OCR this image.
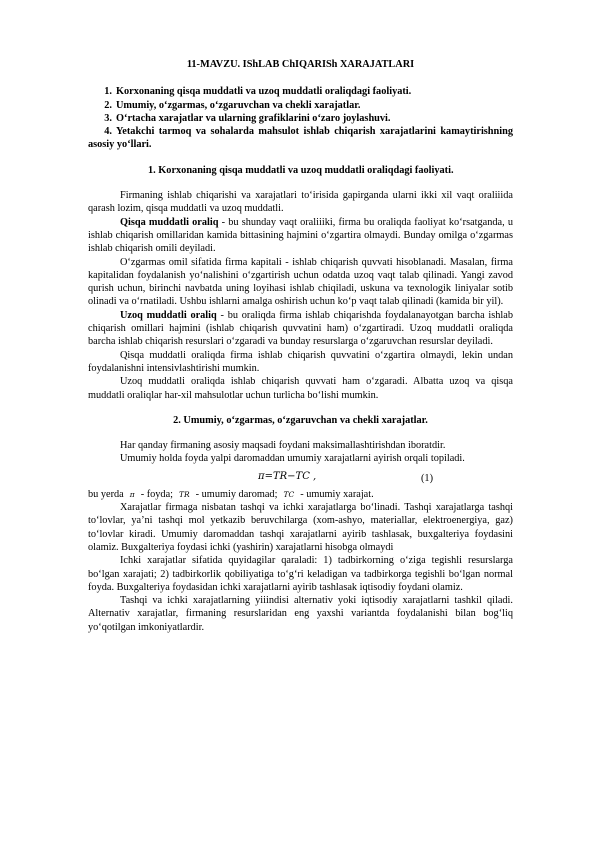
11-MAVZU. IShLAB ChIQARISh XARAJATLARI
1. Korxonaning qisqa muddatli va uzoq muddatli oraliqdagi faoliyati.
2. Umumiy, o‘zgarmas, o‘zgaruvchan va chekli xarajatlar.
3. O‘rtacha xarajatlar va ularning grafiklarini o‘zaro joylashuvi.
4. Yetakchi tarmoq va sohalarda mahsulot ishlab chiqarish xarajatlarini kamaytirishning asosiy yo‘llari.
1. Korxonaning qisqa muddatli va uzoq muddatli oraliqdagi faoliyati.

Firmaning ishlab chiqarishi va xarajatlari to‘irisida gapirganda ularni ikki xil vaqt oraliiida qarash lozim, qisqa muddatli va uzoq muddatli.

Qisqa muddatli oraliq - bu shunday vaqt oraliiiki, firma bu oraliqda faoliyat ko‘rsatganda, u ishlab chiqarish omillaridan kamida bittasining hajmini o‘zgartira olmaydi. Bunday omilga o‘zgarmas ishlab chiqarish omili deyiladi.

O‘zgarmas omil sifatida firma kapitali - ishlab chiqarish quvvati hisoblanadi. Masalan, firma kapitalidan foydalanish yo‘nalishini o‘zgartirish uchun odatda uzoq vaqt talab qilinadi. Yangi zavod qurish uchun, birinchi navbatda uning loyihasi ishlab chiqiladi, uskuna va texnologik liniyalar sotib olinadi va o‘rnatiladi. Ushbu ishlarni amalga oshirish uchun ko‘p vaqt talab qilinadi (kamida bir yil).

Uzoq muddatli oraliq - bu oraliqda firma ishlab chiqarishda foydalanayotgan barcha ishlab chiqarish omillari hajmini (ishlab chiqarish quvvatini ham) o‘zgartiradi. Uzoq muddatli oraliqda barcha ishlab chiqarish resurslari o‘zgaradi va bunday resurslarga o‘zgaruvchan resurslar deyiladi.

Qisqa muddatli oraliqda firma ishlab chiqarish quvvatini o‘zgartira olmaydi, lekin undan foydalanishni intensivlashtirishi mumkin.

Uzoq muddatli oraliqda ishlab chiqarish quvvati ham o‘zgaradi. Albatta uzoq va qisqa muddatli oraliqlar har-xil mahsulotlar uchun turlicha bo‘lishi mumkin.

2. Umumiy, o‘zgarmas, o‘zgaruvchan va chekli xarajatlar.

Har qanday firmaning asosiy maqsadi foydani maksimallashtirishdan iboratdir.

Umumiy holda foyda yalpi daromaddan umumiy xarajatlarni ayirish orqali topiladi.

π=TR−TC ,	(1)

bu yerda π - foyda; TR - umumiy daromad; TC - umumiy xarajat.

Xarajatlar firmaga nisbatan tashqi va ichki xarajatlarga bo‘linadi. Tashqi xarajatlarga tashqi to‘lovlar, ya’ni tashqi mol yetkazib beruvchilarga (xom-ashyo, materiallar, elektroenergiya, gaz) to‘lovlar kiradi. Umumiy daromaddan tashqi xarajatlarni ayirib tashlasak, buxgalteriya foydasini olamiz. Buxgalteriya foydasi ichki (yashirin) xarajatlarni hisobga olmaydi

Ichki xarajatlar sifatida quyidagilar qaraladi: 1) tadbirkorning o‘ziga tegishli resurslarga bo‘lgan xarajati; 2) tadbirkorlik qobiliyatiga to‘g‘ri keladigan va tadbirkorga tegishli bo‘lgan normal foyda. Buxgalteriya foydasidan ichki xarajatlarni ayirib tashlasak iqtisodiy foydani olamiz.

Tashqi va ichki xarajatlarning yiiindisi alternativ yoki iqtisodiy xarajatlarni tashkil qiladi. Alternativ xarajatlar, firmaning resurslaridan eng yaxshi variantda foydalanishi bilan bog‘liq yo‘qotilgan imkoniyatlardir.
